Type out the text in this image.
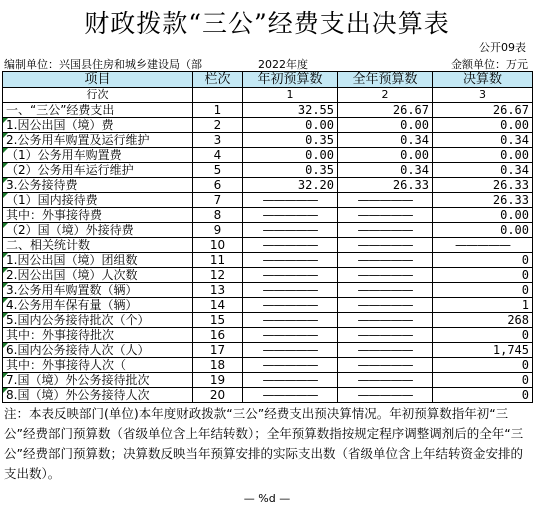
财政拨款“三公”经费支出决算表
公开09表
编制单位：兴国县住房和城乡建设局（部	2022年度	金额单位：万元
项目	栏次	年初预算数	全年预算数	决算数
行次		1	2	3
一、“三公”经费支出	1	32.55	26.67	26.67
1.因公出国（境）费	2	0.00	0.00	0.00
2.公务用车购置及运行维护	3	0.35	0.34	0.34
（1）公务用车购置费	4	0.00	0.00	0.00
（2）公务用车运行维护	5	0.35	0.34	0.34
3.公务接待费	6	32.20	26.33	26.33
（1）国内接待费	7	—————	—————	26.33
其中：外事接待费	8	—————	—————	0.00
（2）国（境）外接待费	9	—————	—————	0.00
二、相关统计数	10	—————	—————	—————
1.因公出国（境）团组数	11	—————	—————	0
2.因公出国（境）人次数	12	—————	—————	0
3.公务用车购置数（辆）	13	—————	—————	0
4.公务用车保有量（辆）	14	—————	—————	1
5.国内公务接待批次（个）	15	—————	—————	268
其中：外事接待批次	16	—————	—————	0
6.国内公务接待人次（人）	17	—————	—————	1,745
其中：外事接待人次（	18	—————	—————	0
7.国（境）外公务接待批次	19	—————	—————	0
8.国（境）外公务接待人次	20	—————	—————	0
注：本表反映部门(单位)本年度财政拨款“三公”经费支出预决算情况。年初预算数指年初“三公”经费部门预算数（省级单位含上年结转数）；全年预算数指按规定程序调整调剂后的全年“三公”经费部门预算数；决算数反映当年预算安排的实际支出数（省级单位含上年结转资金安排的支出数）。
— %d —
